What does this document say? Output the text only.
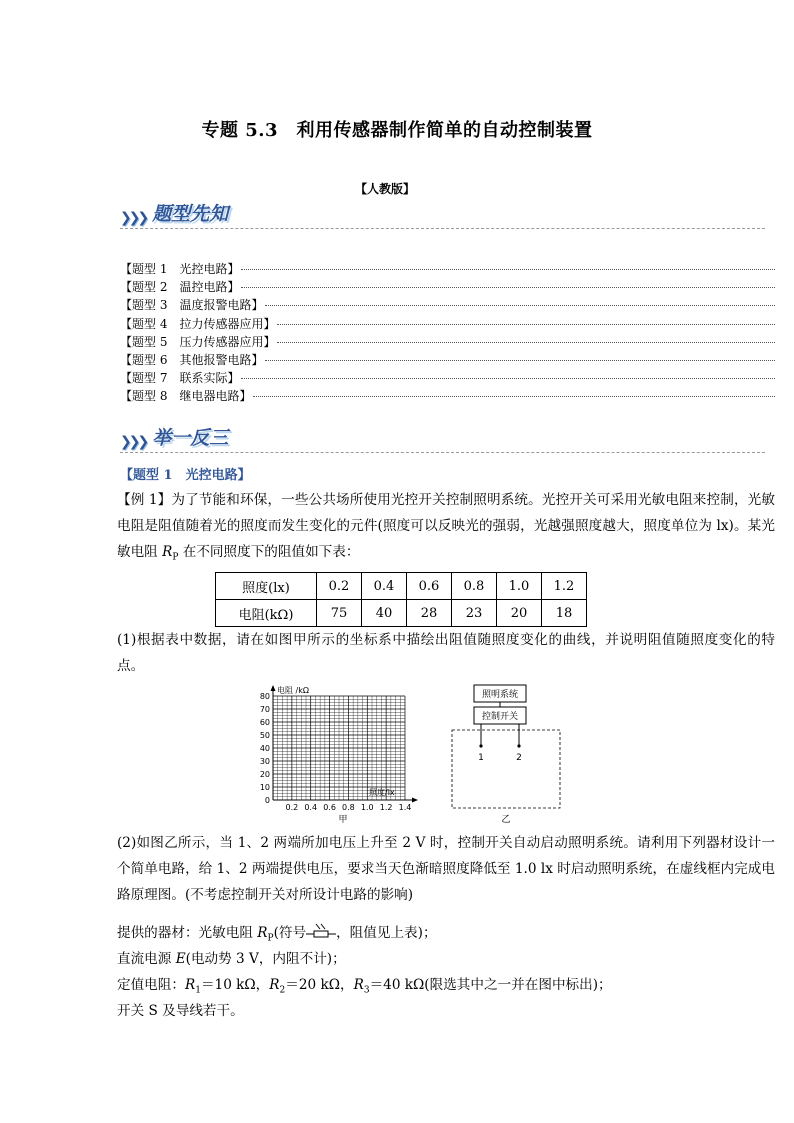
专题 5.3　利用传感器制作简单的自动控制装置
【人教版】
❯❯❯ 题型先知
【题型 1　光控电路】
【题型 2　温控电路】
【题型 3　温度报警电路】
【题型 4　拉力传感器应用】
【题型 5　压力传感器应用】
【题型 6　其他报警电路】
【题型 7　联系实际】
【题型 8　继电器电路】
❯❯❯ 举一反三
【题型 1　光控电路】
【例 1】为了节能和环保，一些公共场所使用光控开关控制照明系统。光控开关可采用光敏电阻来控制，光敏电阻是阻值随着光的照度而发生变化的元件(照度可以反映光的强弱，光越强照度越大，照度单位为 lx)。某光敏电阻 $R_P$ 在不同照度下的阻值如下表：
照度(lx)	0.2	0.4	0.6	0.8	1.0	1.2
电阻(kΩ)	75	40	28	23	20	18
(1)根据表中数据，请在如图甲所示的坐标系中描绘出阻值随照度变化的曲线，并说明阻值随照度变化的特点。
电阻 /kΩ
照度/lx
0
10
20
30
40
50
60
70
80
0.2 0.4 0.6 0.8 1.0 1.2 1.4
甲
照明系统
控制开关
1	2
乙
(2)如图乙所示，当 1、2 两端所加电压上升至 2 V 时，控制开关自动启动照明系统。请利用下列器材设计一个简单电路，给 1、2 两端提供电压，要求当天色渐暗照度降低至 1.0 lx 时启动照明系统，在虚线框内完成电路原理图。(不考虑控制开关对所设计电路的影响)
提供的器材：光敏电阻 $R_P$(符号 ，阻值见上表)；
直流电源 E(电动势 3 V，内阻不计)；
定值电阻：$R_1=10$ kΩ，$R_2=20$ kΩ，$R_3=40$ kΩ(限选其中之一并在图中标出)；
开关 S 及导线若干。
